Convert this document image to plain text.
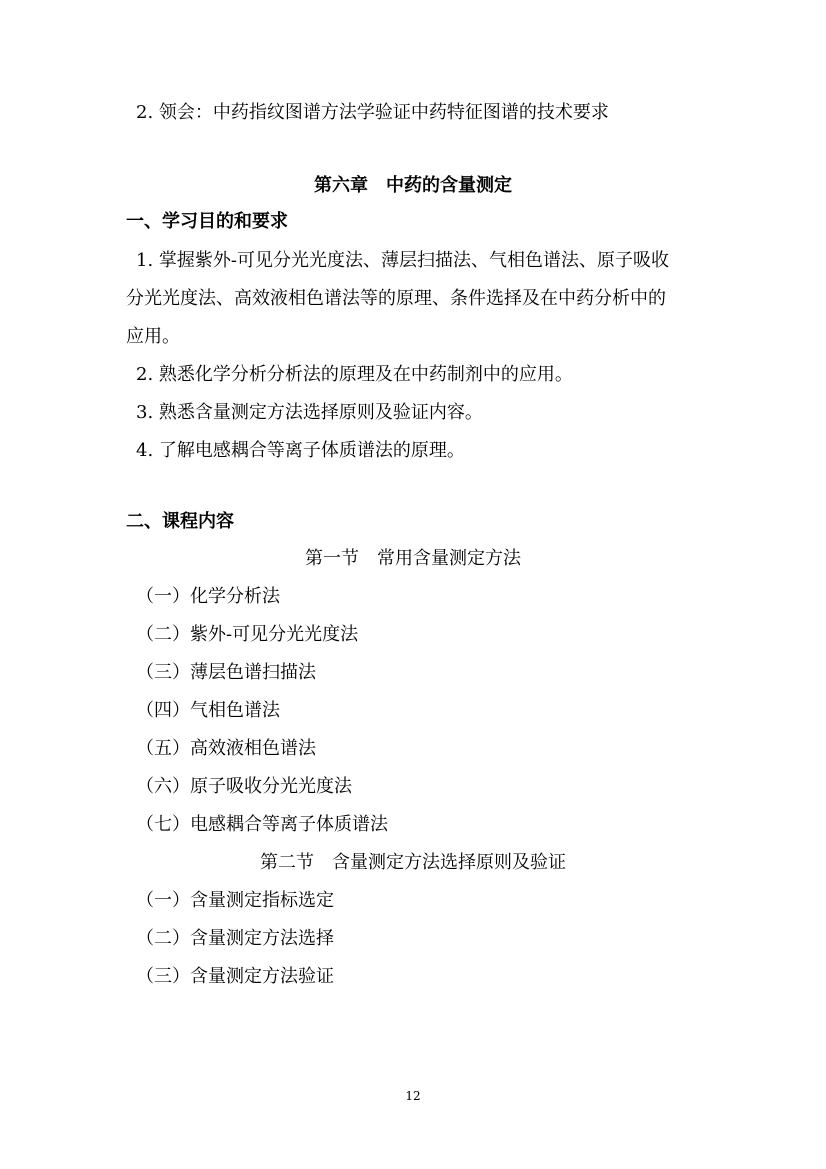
2. 领会：中药指纹图谱方法学验证中药特征图谱的技术要求
第六章　中药的含量测定
一、学习目的和要求
1. 掌握紫外-可见分光光度法、薄层扫描法、气相色谱法、原子吸收
分光光度法、高效液相色谱法等的原理、条件选择及在中药分析中的
应用。
2. 熟悉化学分析分析法的原理及在中药制剂中的应用。
3. 熟悉含量测定方法选择原则及验证内容。
4. 了解电感耦合等离子体质谱法的原理。
二、课程内容
第一节　常用含量测定方法
（一）化学分析法
（二）紫外-可见分光光度法
（三）薄层色谱扫描法
（四）气相色谱法
（五）高效液相色谱法
（六）原子吸收分光光度法
（七）电感耦合等离子体质谱法
第二节　含量测定方法选择原则及验证
（一）含量测定指标选定
（二）含量测定方法选择
（三）含量测定方法验证
12
